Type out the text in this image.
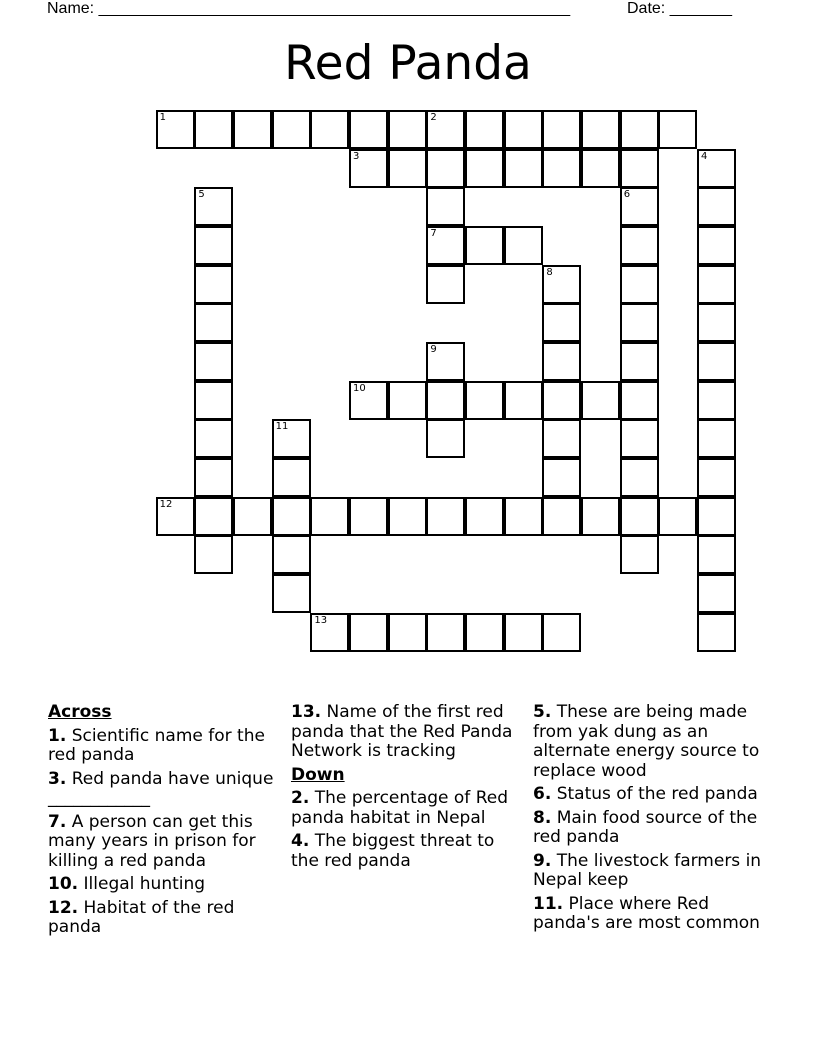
Name: _____________________________________________________	Date: _______
Red Panda
1	2
3	4
5	6
7
8
9
10
11
12
13
Across
1. Scientific name for the red panda
3. Red panda have unique ____________
7. A person can get this many years in prison for killing a red panda
10. Illegal hunting
12. Habitat of the red panda
13. Name of the first red panda that the Red Panda Network is tracking
Down
2. The percentage of Red panda habitat in Nepal
4. The biggest threat to the red panda
5. These are being made from yak dung as an alternate energy source to replace wood
6. Status of the red panda
8. Main food source of the red panda
9. The livestock farmers in Nepal keep
11. Place where Red panda's are most common
